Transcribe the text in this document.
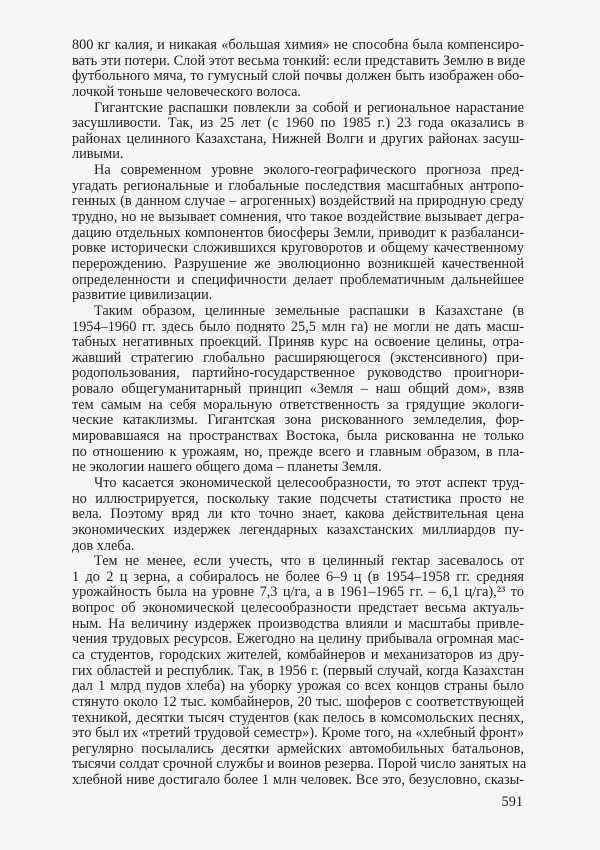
800 кг калия, и никакая «большая химия» не способна была компенсиро-
вать эти потери. Слой этот весьма тонкий: если представить Землю в виде
футбольного мяча, то гумусный слой почвы должен быть изображен обо-
лочкой тоньше человеческого волоса.
Гигантские распашки повлекли за собой и региональное нарастание
засушливости. Так, из 25 лет (с 1960 по 1985 г.) 23 года оказались в
районах целинного Казахстана, Нижней Волги и других районах засуш-
ливыми.
На современном уровне эколого-географического прогноза пред-
угадать региональные и глобальные последствия масштабных антропо-
генных (в данном случае – агрогенных) воздействий на природную среду
трудно, но не вызывает сомнения, что такое воздействие вызывает дегра-
дацию отдельных компонентов биосферы Земли, приводит к разбаланси-
ровке исторически сложившихся круговоротов и общему качественному
перерождению. Разрушение же эволюционно возникшей качественной
определенности и специфичности делает проблематичным дальнейшее
развитие цивилизации.
Таким образом, целинные земельные распашки в Казахстане (в
1954–1960 гг. здесь было поднято 25,5 млн га) не могли не дать масш-
табных негативных проекций. Приняв курс на освоение целины, отра-
жавший стратегию глобально расширяющегося (экстенсивного) при-
родопользования, партийно-государственное руководство проигнори-
ровало общегуманитарный принцип «Земля – наш общий дом», взяв
тем самым на себя моральную ответственность за грядущие экологи-
ческие катаклизмы. Гигантская зона рискованного земледелия, фор-
мировавшаяся на пространствах Востока, была рискованна не только
по отношению к урожаям, но, прежде всего и главным образом, в пла-
не экологии нашего общего дома – планеты Земля.
Что касается экономической целесообразности, то этот аспект труд-
но иллюстрируется, поскольку такие подсчеты статистика просто не
вела. Поэтому вряд ли кто точно знает, какова действительная цена
экономических издержек легендарных казахстанских миллиардов пу-
дов хлеба.
Тем не менее, если учесть, что в целинный гектар засевалось от
1 до 2 ц зерна, а собиралось не более 6–9 ц (в 1954–1958 гг. средняя
урожайность была на уровне 7,3 ц/га, а в 1961–1965 гг. – 6,1 ц/га),²³ то
вопрос об экономической целесообразности предстает весьма актуаль-
ным. На величину издержек производства влияли и масштабы привле-
чения трудовых ресурсов. Ежегодно на целину прибывала огромная мас-
са студентов, городских жителей, комбайнеров и механизаторов из дру-
гих областей и республик. Так, в 1956 г. (первый случай, когда Казахстан
дал 1 млрд пудов хлеба) на уборку урожая со всех концов страны было
стянуто около 12 тыс. комбайнеров, 20 тыс. шоферов с соответствующей
техникой, десятки тысяч студентов (как пелось в комсомольских песнях,
это был их «третий трудовой семестр»). Кроме того, на «хлебный фронт»
регулярно посылались десятки армейских автомобильных батальонов,
тысячи солдат срочной службы и воинов резерва. Порой число занятых на
хлебной ниве достигало более 1 млн человек. Все это, безусловно, сказы-
591
